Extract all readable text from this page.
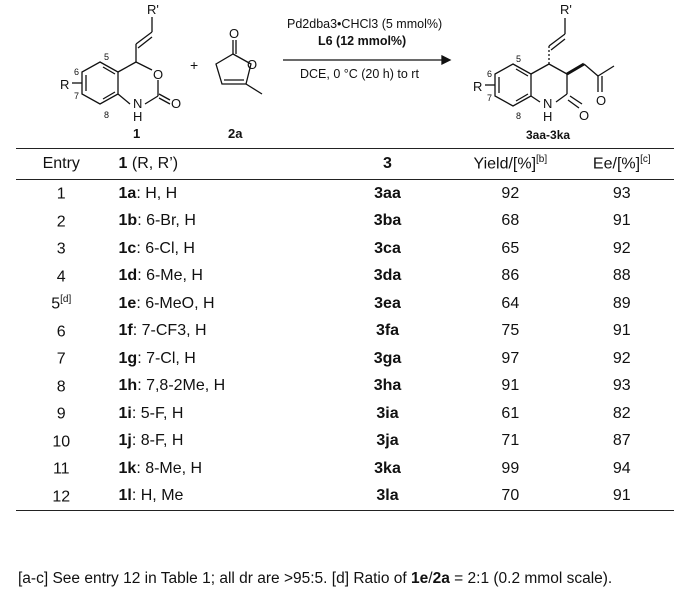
R'
R
5
6
7
8
O
O
N
H
1
+
O
O
2a
Pd2dba3•CHCl3 (5 mmol%)
L6 (12 mmol%)
DCE, 0 °C (20 h) to rt
R'
R
5
6
7
8
N
H O
O
3aa-3ka
Entry	1 (R, R’)	3	Yield/[%][b]	Ee/[%][c]
1	1a: H, H	3aa	92	93
2	1b: 6-Br, H	3ba	68	91
3	1c: 6-Cl, H	3ca	65	92
4	1d: 6-Me, H	3da	86	88
5[d]	1e: 6-MeO, H	3ea	64	89
6	1f: 7-CF3, H	3fa	75	91
7	1g: 7-Cl, H	3ga	97	92
8	1h: 7,8-2Me, H	3ha	91	93
9	1i: 5-F, H	3ia	61	82
10	1j: 8-F, H	3ja	71	87
11	1k: 8-Me, H	3ka	99	94
12	1l: H, Me	3la	70	91
[a-c] See entry 12 in Table 1; all dr are >95:5. [d] Ratio of 1e/2a = 2:1 (0.2 mmol scale).
